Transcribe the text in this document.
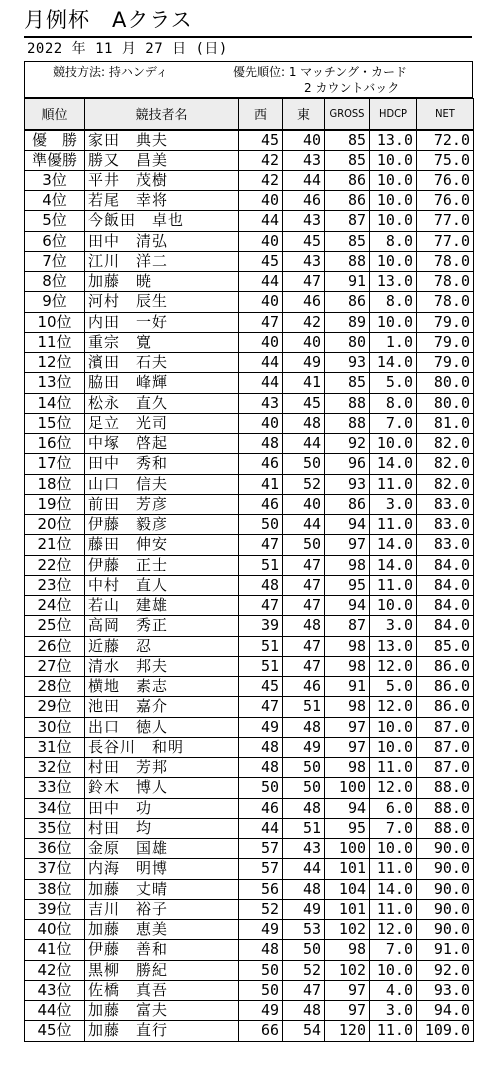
月例杯　Aクラス
2022 年 11 月 27 日 (日)
競技方法: 持ハンディ	優先順位: 1 マッチング・カード
2 カウントバック
順位	競技者名	西	東	GROSS	HDCP	NET
優　勝	家田　典夫	45	40	85	13.0	72.0
準優勝	勝又　昌美	42	43	85	10.0	75.0
3位	平井　茂樹	42	44	86	10.0	76.0
4位	若尾　幸将	40	46	86	10.0	76.0
5位	今飯田　卓也	44	43	87	10.0	77.0
6位	田中　清弘	40	45	85	8.0	77.0
7位	江川　洋二	45	43	88	10.0	78.0
8位	加藤　暁	44	47	91	13.0	78.0
9位	河村　辰生	40	46	86	8.0	78.0
10位	内田　一好	47	42	89	10.0	79.0
11位	重宗　寛	40	40	80	1.0	79.0
12位	濱田　石夫	44	49	93	14.0	79.0
13位	脇田　峰輝	44	41	85	5.0	80.0
14位	松永　直久	43	45	88	8.0	80.0
15位	足立　光司	40	48	88	7.0	81.0
16位	中塚　啓起	48	44	92	10.0	82.0
17位	田中　秀和	46	50	96	14.0	82.0
18位	山口　信夫	41	52	93	11.0	82.0
19位	前田　芳彦	46	40	86	3.0	83.0
20位	伊藤　毅彦	50	44	94	11.0	83.0
21位	藤田　伸安	47	50	97	14.0	83.0
22位	伊藤　正士	51	47	98	14.0	84.0
23位	中村　直人	48	47	95	11.0	84.0
24位	若山　建雄	47	47	94	10.0	84.0
25位	高岡　秀正	39	48	87	3.0	84.0
26位	近藤　忍	51	47	98	13.0	85.0
27位	清水　邦夫	51	47	98	12.0	86.0
28位	横地　素志	45	46	91	5.0	86.0
29位	池田　嘉介	47	51	98	12.0	86.0
30位	出口　徳人	49	48	97	10.0	87.0
31位	長谷川　和明	48	49	97	10.0	87.0
32位	村田　芳邦	48	50	98	11.0	87.0
33位	鈴木　博人	50	50	100	12.0	88.0
34位	田中　功	46	48	94	6.0	88.0
35位	村田　均	44	51	95	7.0	88.0
36位	金原　国雄	57	43	100	10.0	90.0
37位	内海　明博	57	44	101	11.0	90.0
38位	加藤　丈晴	56	48	104	14.0	90.0
39位	吉川　裕子	52	49	101	11.0	90.0
40位	加藤　恵美	49	53	102	12.0	90.0
41位	伊藤　善和	48	50	98	7.0	91.0
42位	黒柳　勝紀	50	52	102	10.0	92.0
43位	佐橋　真吾	50	47	97	4.0	93.0
44位	加藤　富夫	49	48	97	3.0	94.0
45位	加藤　直行	66	54	120	11.0	109.0
